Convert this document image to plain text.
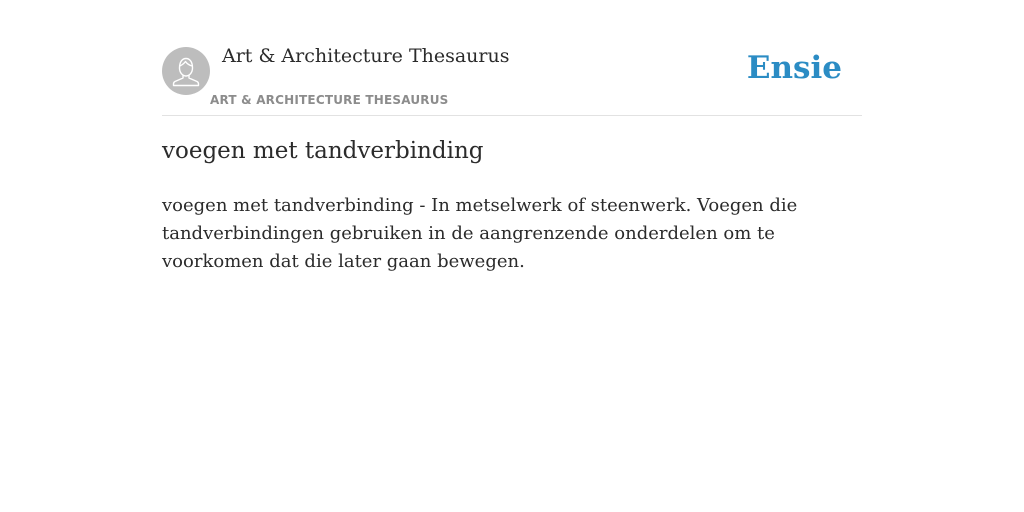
Art & Architecture Thesaurus
ART & ARCHITECTURE THESAURUS
Ensie
voegen met tandverbinding

voegen met tandverbinding - In metselwerk of steenwerk. Voegen die tandverbindingen gebruiken in de aangrenzende onderdelen om te voorkomen dat die later gaan bewegen.
